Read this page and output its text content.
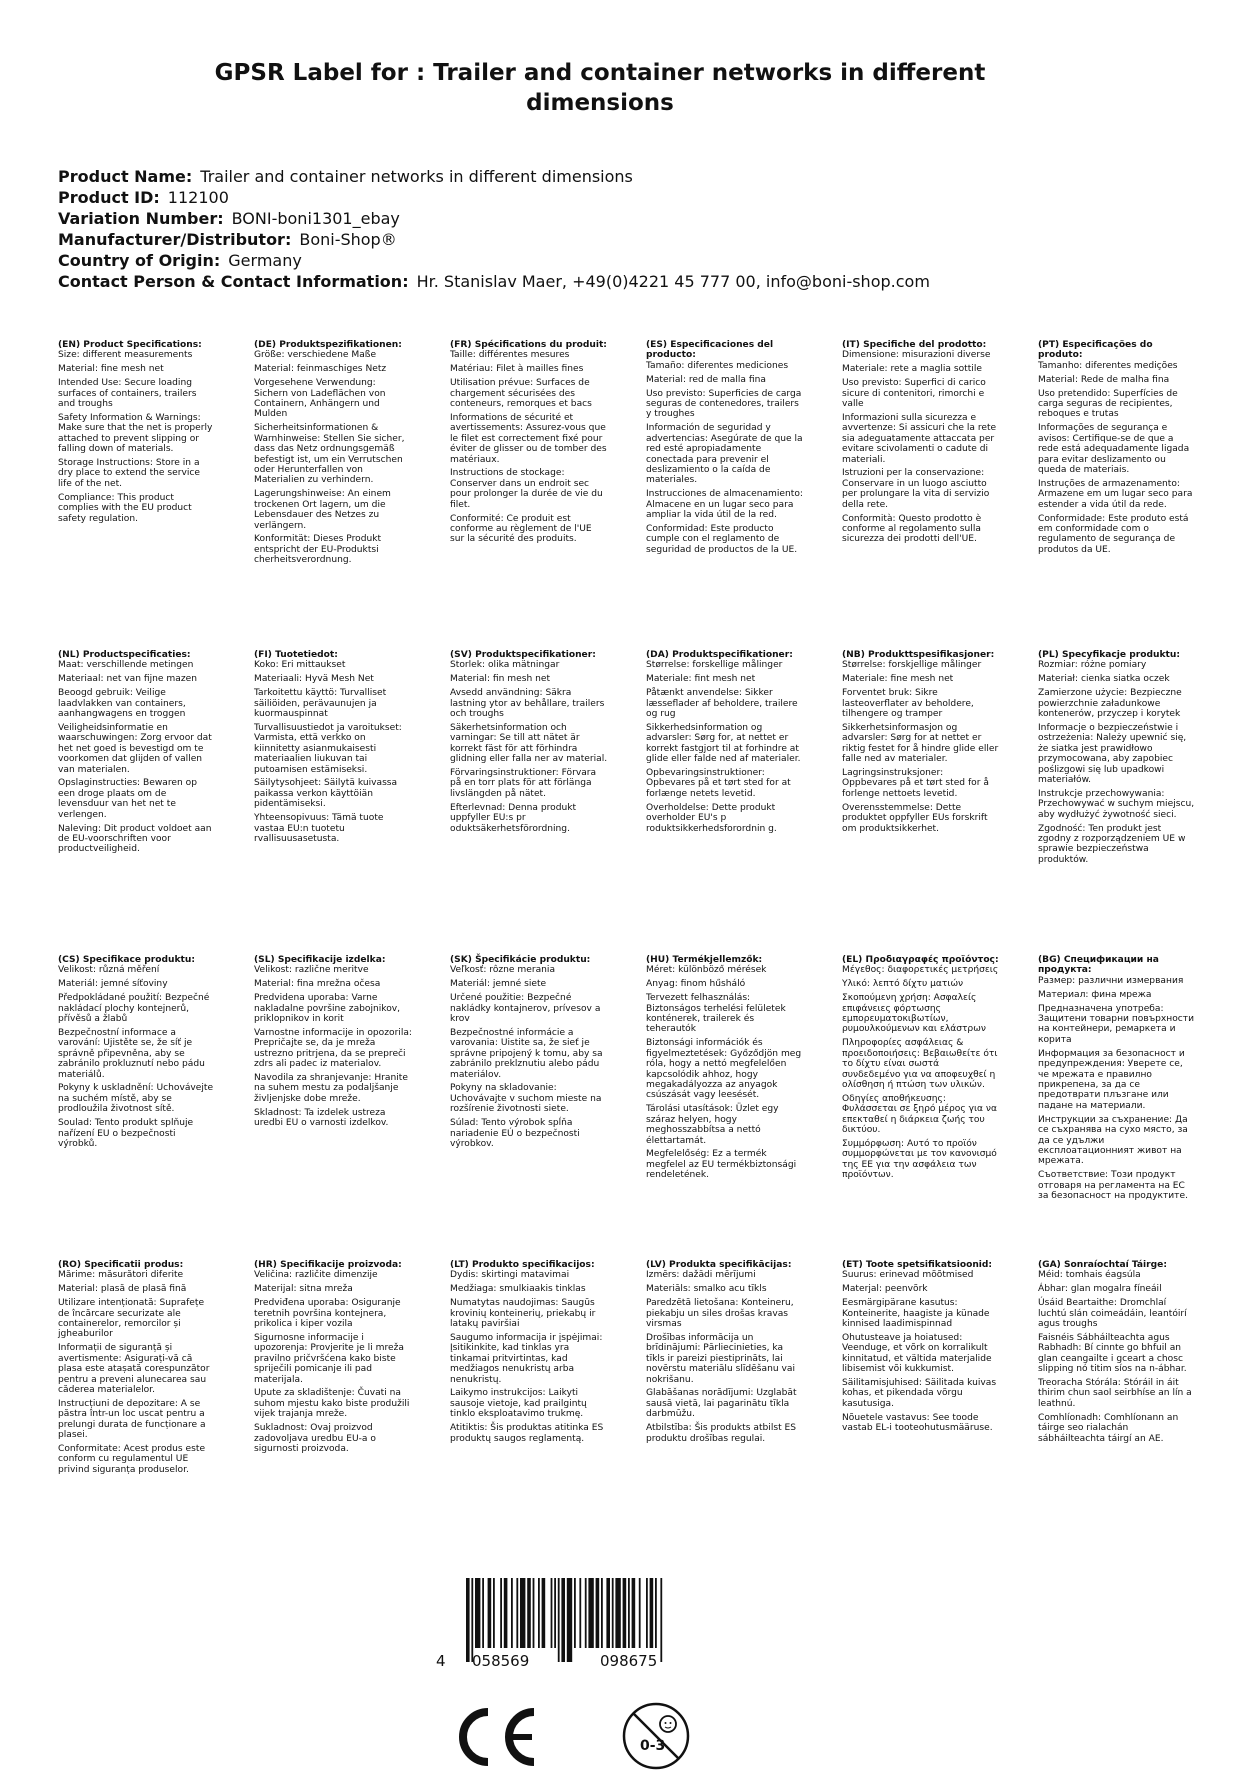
GPSR Label for : Trailer and container networks in different dimensions
Product Name: Trailer and container networks in different dimensions
Product ID: 112100
Variation Number: BONI-boni1301_ebay
Manufacturer/Distributor: Boni-Shop®
Country of Origin: Germany
Contact Person & Contact Information: Hr. Stanislav Maer, +49(0)4221 45 777 00, info@boni-shop.com
(EN) Product Specifications:
Size: different measurements
Material: fine mesh net
Intended Use: Secure loading surfaces of containers, trailers and troughs
Safety Information & Warnings: Make sure that the net is properly attached to prevent slipping or falling down of materials.
Storage Instructions: Store in a dry place to extend the service life of the net.
Compliance: This product complies with the EU product safety regulation.
(DE) Produktspezifikationen:
Größe: verschiedene Maße
Material: feinmaschiges Netz
Vorgesehene Verwendung: Sichern von Ladeflächen von Containern, Anhängern und Mulden
Sicherheitsinformationen & Warnhinweise: Stellen Sie sicher, dass das Netz ordnungsgemäß befestigt ist, um ein Verrutschen oder Herunterfallen von Materialien zu verhindern.
Lagerungshinweise: An einem trockenen Ort lagern, um die Lebensdauer des Netzes zu verlängern.
Konformität: Dieses Produkt entspricht der EU-Produktsi cherheitsverordnung.
(FR) Spécifications du produit:
Taille: différentes mesures
Matériau: Filet à mailles fines
Utilisation prévue: Surfaces de chargement sécurisées des conteneurs, remorques et bacs
Informations de sécurité et avertissements: Assurez-vous que le filet est correctement fixé pour éviter de glisser ou de tomber des matériaux.
Instructions de stockage: Conserver dans un endroit sec pour prolonger la durée de vie du filet.
Conformité: Ce produit est conforme au règlement de l'UE sur la sécurité des produits.
(ES) Especificaciones del producto:
Tamaño: diferentes mediciones
Material: red de malla fina
Uso previsto: Superficies de carga seguras de contenedores, trailers y troughes
Información de seguridad y advertencias: Asegúrate de que la red esté apropiadamente conectada para prevenir el deslizamiento o la caída de materiales.
Instrucciones de almacenamiento: Almacene en un lugar seco para ampliar la vida útil de la red.
Conformidad: Este producto cumple con el reglamento de seguridad de productos de la UE.
(IT) Specifiche del prodotto:
Dimensione: misurazioni diverse
Materiale: rete a maglia sottile
Uso previsto: Superfici di carico sicure di contenitori, rimorchi e valle
Informazioni sulla sicurezza e avvertenze: Si assicuri che la rete sia adeguatamente attaccata per evitare scivolamenti o cadute di materiali.
Istruzioni per la conservazione: Conservare in un luogo asciutto per prolungare la vita di servizio della rete.
Conformità: Questo prodotto è conforme al regolamento sulla sicurezza dei prodotti dell'UE.
(PT) Especificações do produto:
Tamanho: diferentes medições
Material: Rede de malha fina
Uso pretendido: Superfícies de carga seguras de recipientes, reboques e trutas
Informações de segurança e avisos: Certifique-se de que a rede está adequadamente ligada para evitar deslizamento ou queda de materiais.
Instruções de armazenamento: Armazene em um lugar seco para estender a vida útil da rede.
Conformidade: Este produto está em conformidade com o regulamento de segurança de produtos da UE.
(NL) Productspecificaties:
Maat: verschillende metingen
Materiaal: net van fijne mazen
Beoogd gebruik: Veilige laadvlakken van containers, aanhangwagens en troggen
Veiligheidsinformatie en waarschuwingen: Zorg ervoor dat het net goed is bevestigd om te voorkomen dat glijden of vallen van materialen.
Opslaginstructies: Bewaren op een droge plaats om de levensduur van het net te verlengen.
Naleving: Dit product voldoet aan de EU-voorschriften voor productveiligheid.
(FI) Tuotetiedot:
Koko: Eri mittaukset
Materiaali: Hyvä Mesh Net
Tarkoitettu käyttö: Turvalliset säiliöiden, perävaunujen ja kuormauspinnat
Turvallisuustiedot ja varoitukset: Varmista, että verkko on kiinnitetty asianmukaisesti materiaalien liukuvan tai putoamisen estämiseksi.
Säilytysohjeet: Säilytä kuivassa paikassa verkon käyttöiän pidentämiseksi.
Yhteensopivuus: Tämä tuote vastaa EU:n tuotetu rvallisuusasetusta.
(SV) Produktspecifikationer:
Storlek: olika mätningar
Material: fin mesh net
Avsedd användning: Säkra lastning ytor av behållare, trailers och troughs
Säkerhetsinformation och varningar: Se till att nätet är korrekt fäst för att förhindra glidning eller falla ner av material.
Förvaringsinstruktioner: Förvara på en torr plats för att förlänga livslängden på nätet.
Efterlevnad: Denna produkt uppfyller EU:s pr oduktsäkerhetsförordning.
(DA) Produktspecifikationer:
Størrelse: forskellige målinger
Materiale: fint mesh net
Påtænkt anvendelse: Sikker læsseflader af beholdere, trailere og rug
Sikkerhedsinformation og advarsler: Sørg for, at nettet er korrekt fastgjort til at forhindre at glide eller falde ned af materialer.
Opbevaringsinstruktioner: Opbevares på et tørt sted for at forlænge netets levetid.
Overholdelse: Dette produkt overholder EU's p roduktsikkerhedsforordnin g.
(NB) Produkttspesifikasjoner:
Størrelse: forskjellige målinger
Materiale: fine mesh net
Forventet bruk: Sikre lasteoverflater av beholdere, tilhengere og tramper
Sikkerhetsinformasjon og advarsler: Sørg for at nettet er riktig festet for å hindre glide eller falle ned av materialer.
Lagringsinstruksjoner: Oppbevares på et tørt sted for å forlenge nettoets levetid.
Overensstemmelse: Dette produktet oppfyller EUs forskrift om produktsikkerhet.
(PL) Specyfikacje produktu:
Rozmiar: różne pomiary
Materiał: cienka siatka oczek
Zamierzone użycie: Bezpieczne powierzchnie załadunkowe kontenerów, przyczep i korytek
Informacje o bezpieczeństwie i ostrzeżenia: Należy upewnić się, że siatka jest prawidłowo przymocowana, aby zapobiec poślizgowi się lub upadkowi materiałów.
Instrukcje przechowywania: Przechowywać w suchym miejscu, aby wydłużyć żywotność sieci.
Zgodność: Ten produkt jest zgodny z rozporządzeniem UE w sprawie bezpieczeństwa produktów.
(CS) Specifikace produktu:
Velikost: různá měření
Materiál: jemné síťoviny
Předpokládané použití: Bezpečné nakládací plochy kontejnerů, přívěsů a žlabů
Bezpečnostní informace a varování: Ujistěte se, že síť je správně připevněna, aby se zabránilo prokluznutí nebo pádu materiálů.
Pokyny k uskladnění: Uchovávejte na suchém místě, aby se prodloužila životnost sítě.
Soulad: Tento produkt splňuje nařízení EU o bezpečnosti výrobků.
(SL) Specifikacije izdelka:
Velikost: različne meritve
Material: fina mrežna očesa
Predvidena uporaba: Varne nakladalne površine zabojnikov, priklopnikov in korit
Varnostne informacije in opozorila: Prepričajte se, da je mreža ustrezno pritrjena, da se prepreči zdrs ali padec iz materialov.
Navodila za shranjevanje: Hranite na suhem mestu za podaljšanje življenjske dobe mreže.
Skladnost: Ta izdelek ustreza uredbi EU o varnosti izdelkov.
(SK) Špecifikácie produktu:
Veľkosť: rôzne merania
Materiál: jemné siete
Určené použitie: Bezpečné nakládky kontajnerov, prívesov a krov
Bezpečnostné informácie a varovania: Uistite sa, že sieť je správne pripojený k tomu, aby sa zabránilo preklznutiu alebo pádu materiálov.
Pokyny na skladovanie: Uchovávajte v suchom mieste na rozšírenie životnosti siete.
Súlad: Tento výrobok spĺňa nariadenie EÚ o bezpečnosti výrobkov.
(HU) Termékjellemzők:
Méret: különböző mérések
Anyag: finom hűsháló
Tervezett felhasználás: Biztonságos terhelési felületek konténerek, trailerek és teherautók
Biztonsági információk és figyelmeztetések: Győződjön meg róla, hogy a nettó megfelelően kapcsolódik ahhoz, hogy megakadályozza az anyagok csúszását vagy leesését.
Tárolási utasítások: Üzlet egy száraz helyen, hogy meghosszabbítsa a nettó élettartamát.
Megfelelőség: Ez a termék megfelel az EU termékbiztonsági rendeletének.
(EL) Προδιαγραφές προϊόντος:
Μέγεθος: διαφορετικές μετρήσεις
Υλικό: λεπτό δίχτυ ματιών
Σκοπούμενη χρήση: Ασφαλείς επιφάνειες φόρτωσης εμπορευματοκιβωτίων, ρυμουλκούμενων και ελάστρων
Πληροφορίες ασφάλειας & προειδοποιήσεις: Βεβαιωθείτε ότι το δίχτυ είναι σωστά συνδεδεμένο για να αποφευχθεί η ολίσθηση ή πτώση των υλικών.
Οδηγίες αποθήκευσης: Φυλάσσεται σε ξηρό μέρος για να επεκταθεί η διάρκεια ζωής του δικτύου.
Συμμόρφωση: Αυτό το προϊόν συμμορφώνεται με τον κανονισμό της ΕΕ για την ασφάλεια των προϊόντων.
(BG) Спецификации на продукта:
Размер: различни измервания
Материал: фина мрежа
Предназначена употреба: Защитени товарни повърхности на контейнери, ремаркета и корита
Информация за безопасност и предупреждения: Уверете се, че мрежата е правилно прикрепена, за да се предотврати плъзгане или падане на материали.
Инструкции за съхранение: Да се съхранява на сухо място, за да се удължи експлоатационният живот на мрежата.
Съответствие: Този продукт отговаря на регламента на ЕС за безопасност на продуктите.
(RO) Specificatii produs:
Mărime: măsurători diferite
Material: plasă de plasă fină
Utilizare intenționată: Suprafețe de încărcare securizate ale containerelor, remorcilor și jgheaburilor
Informații de siguranță și avertismente: Asigurați-vă că plasa este atașată corespunzător pentru a preveni alunecarea sau căderea materialelor.
Instrucțiuni de depozitare: A se păstra într-un loc uscat pentru a prelungi durata de funcționare a plasei.
Conformitate: Acest produs este conform cu regulamentul UE privind siguranța produselor.
(HR) Specifikacije proizvoda:
Veličina: različite dimenzije
Materijal: sitna mreža
Predviđena uporaba: Osiguranje teretnih površina kontejnera, prikolica i kiper vozila
Sigurnosne informacije i upozorenja: Provjerite je li mreža pravilno pričvršćena kako biste spriječili pomicanje ili pad materijala.
Upute za skladištenje: Čuvati na suhom mjestu kako biste produžili vijek trajanja mreže.
Sukladnost: Ovaj proizvod zadovoljava uredbu EU-a o sigurnosti proizvoda.
(LT) Produkto specifikacijos:
Dydis: skirtingi matavimai
Medžiaga: smulkiaakis tinklas
Numatytas naudojimas: Saugūs krovinių konteinerių, priekabų ir latakų paviršiai
Saugumo informacija ir įspėjimai: Įsitikinkite, kad tinklas yra tinkamai pritvirtintas, kad medžiagos nenukristų arba nenukristų.
Laikymo instrukcijos: Laikyti sausoje vietoje, kad prailgintų tinklo eksploatavimo trukmę.
Atitiktis: Šis produktas atitinka ES produktų saugos reglamentą.
(LV) Produkta specifikācijas:
Izmērs: dažādi mērījumi
Materiāls: smalko acu tīkls
Paredzētā lietošana: Konteineru, piekabju un siles drošas kravas virsmas
Drošības informācija un brīdinājumi: Pārliecinieties, ka tīkls ir pareizi piestiprināts, lai novērstu materiālu slīdēšanu vai nokrišanu.
Glabāšanas norādījumi: Uzglabāt sausā vietā, lai pagarinātu tīkla darbmūžu.
Atbilstība: Šis produkts atbilst ES produktu drošības regulai.
(ET) Toote spetsifikatsioonid:
Suurus: erinevad mõõtmised
Materjal: peenvõrk
Eesmärgipärane kasutus: Konteinerite, haagiste ja künade kinnised laadimispinnad
Ohutusteave ja hoiatused: Veenduge, et võrk on korralikult kinnitatud, et vältida materjalide libisemist või kukkumist.
Säilitamisjuhised: Säilitada kuivas kohas, et pikendada võrgu kasutusiga.
Nõuetele vastavus: See toode vastab EL-i tooteohutusmääruse.
(GA) Sonraíochtaí Táirge:
Méid: tomhais éagsúla
Ábhar: glan mogalra fíneáil
Úsáid Beartaithe: Dromchlaí luchtú slán coimeádáin, leantóirí agus troughs
Faisnéis Sábháilteachta agus Rabhadh: Bí cinnte go bhfuil an glan ceangailte i gceart a chosc slipping nó titim síos na n-ábhar.
Treoracha Stórála: Stóráil in áit thirim chun saol seirbhíse an lín a leathnú.
Comhlíonadh: Comhlíonann an táirge seo rialachán sábháilteachta táirgí an AE.
4 058569	098675
0-3
